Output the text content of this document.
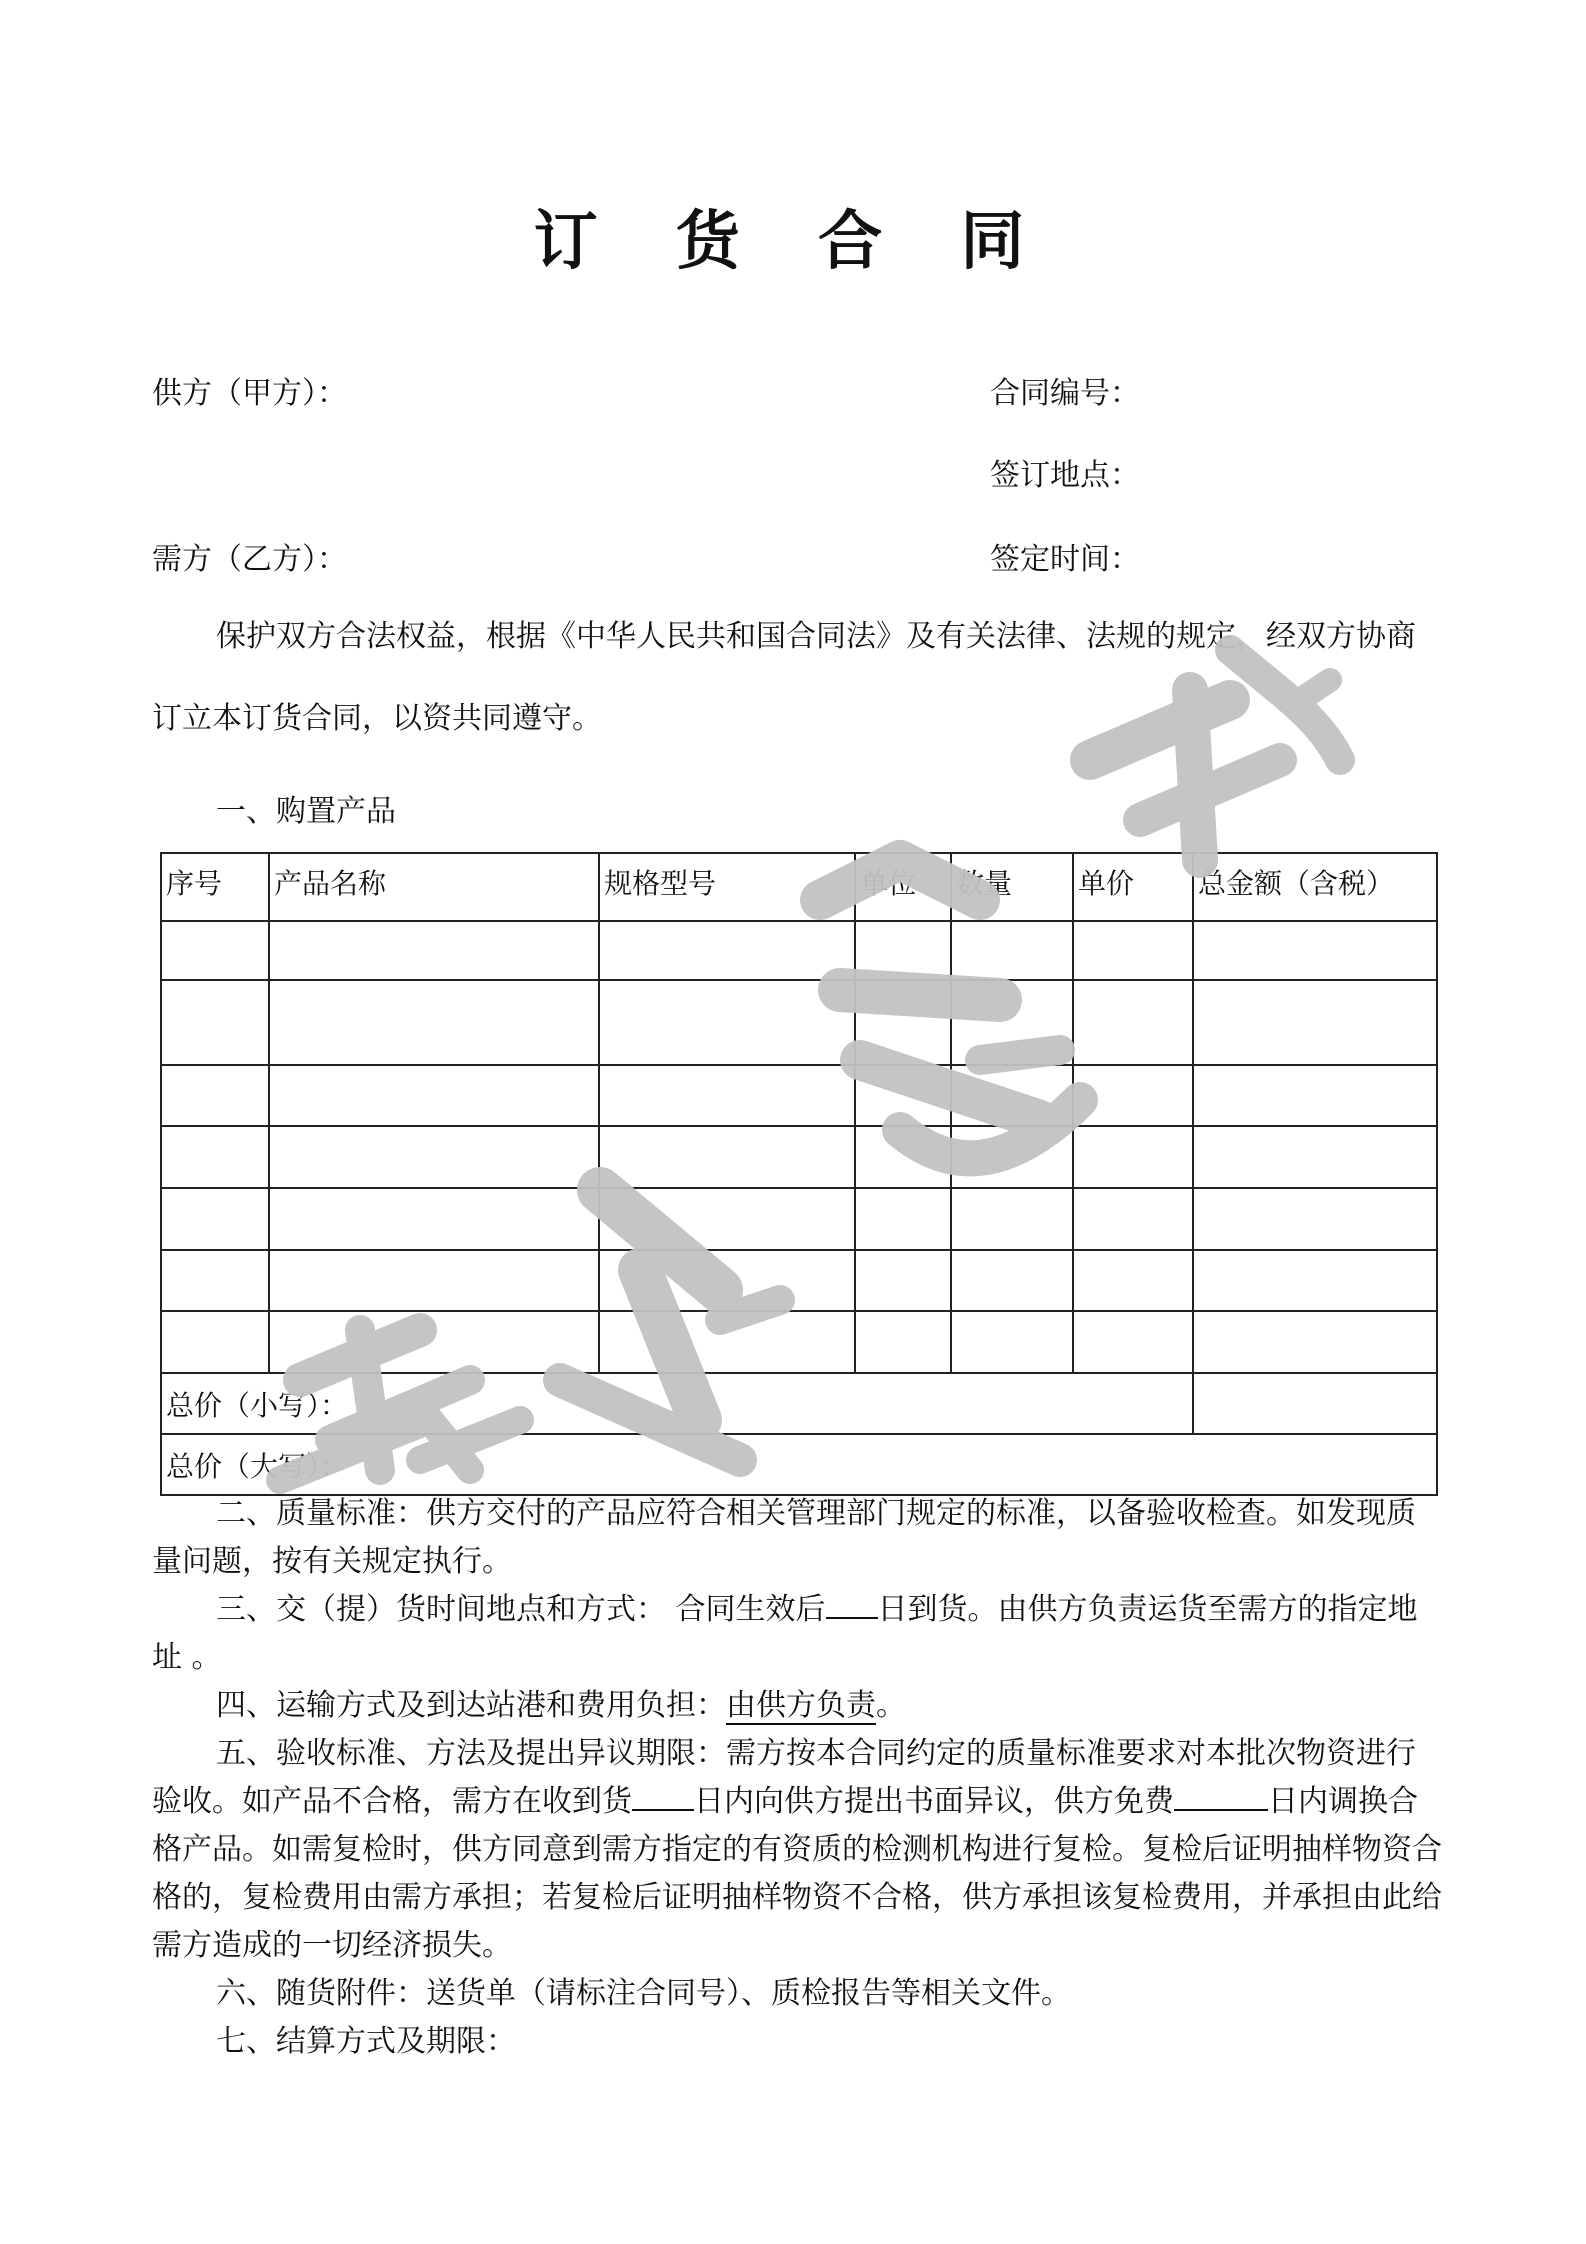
订 货 合 同
供方（甲方）：	合同编号：
签订地点：
需方（乙方）：	签定时间：

保护双方合法权益，根据《中华人民共和国合同法》及有关法律、法规的规定，经双方协商订立本订货合同，以资共同遵守。

一、购置产品
序号	产品名称	规格型号	单位	数量	单价	总金额（含税）

总价（小写）：						
总价（大写）：						

二、质量标准：供方交付的产品应符合相关管理部门规定的标准，以备验收检查。如发现质量问题，按有关规定执行。

三、交（提）货时间地点和方式： 合同生效后 日到货。由供方负责运货至需方的指定地址 。

四、运输方式及到达站港和费用负担：由供方负责。

五、验收标准、方法及提出异议期限：需方按本合同约定的质量标准要求对本批次物资进行验收。如产品不合格，需方在收到货 日内向供方提出书面异议，供方免费	日内调换合格产品。如需复检时，供方同意到需方指定的有资质的检测机构进行复检。复检后证明抽样物资合格的，复检费用由需方承担；若复检后证明抽样物资不合格，供方承担该复检费用，并承担由此给需方造成的一切经济损失。

六、随货附件：送货单（请标注合同号）、质检报告等相关文件。

七、结算方式及期限：
